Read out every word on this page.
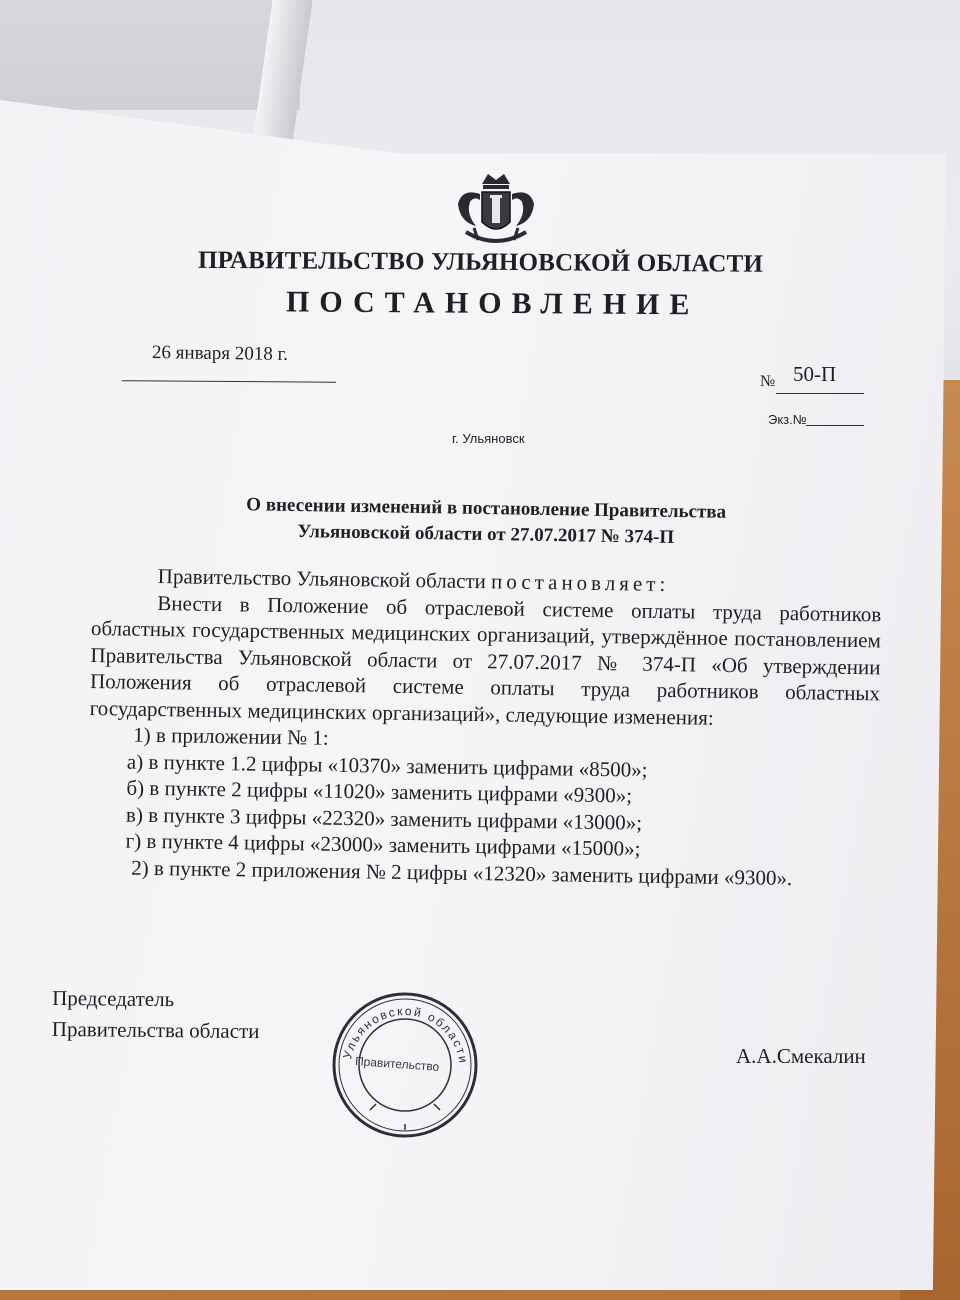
ПРАВИТЕЛЬСТВО УЛЬЯНОВСКОЙ ОБЛАСТИ
ПОСТАНОВЛЕНИЕ
26 января 2018 г.
№ 50-П
Экз.№
г. Ульяновск
О внесении изменений в постановление Правительства
Ульяновской области от 27.07.2017 № 374-П

Правительство Ульяновской области постановляет:

Внести в Положение об отраслевой системе оплаты труда работников областных государственных медицинских организаций, утверждённое постановлением Правительства Ульяновской области от 27.07.2017 № 374-П «Об утверждении Положения об отраслевой системе оплаты труда работников областных государственных медицинских организаций», следующие изменения:

1) в приложении № 1:

а) в пункте 1.2 цифры «10370» заменить цифрами «8500»;

б) в пункте 2 цифры «11020» заменить цифрами «9300»;

в) в пункте 3 цифры «22320» заменить цифрами «13000»;

г) в пункте 4 цифры «23000» заменить цифрами «15000»;

2) в пункте 2 приложения № 2 цифры «12320» заменить цифрами «9300».

Председатель
Правительства области
Ульяновской области
Правительство	А.А.Смекалин
